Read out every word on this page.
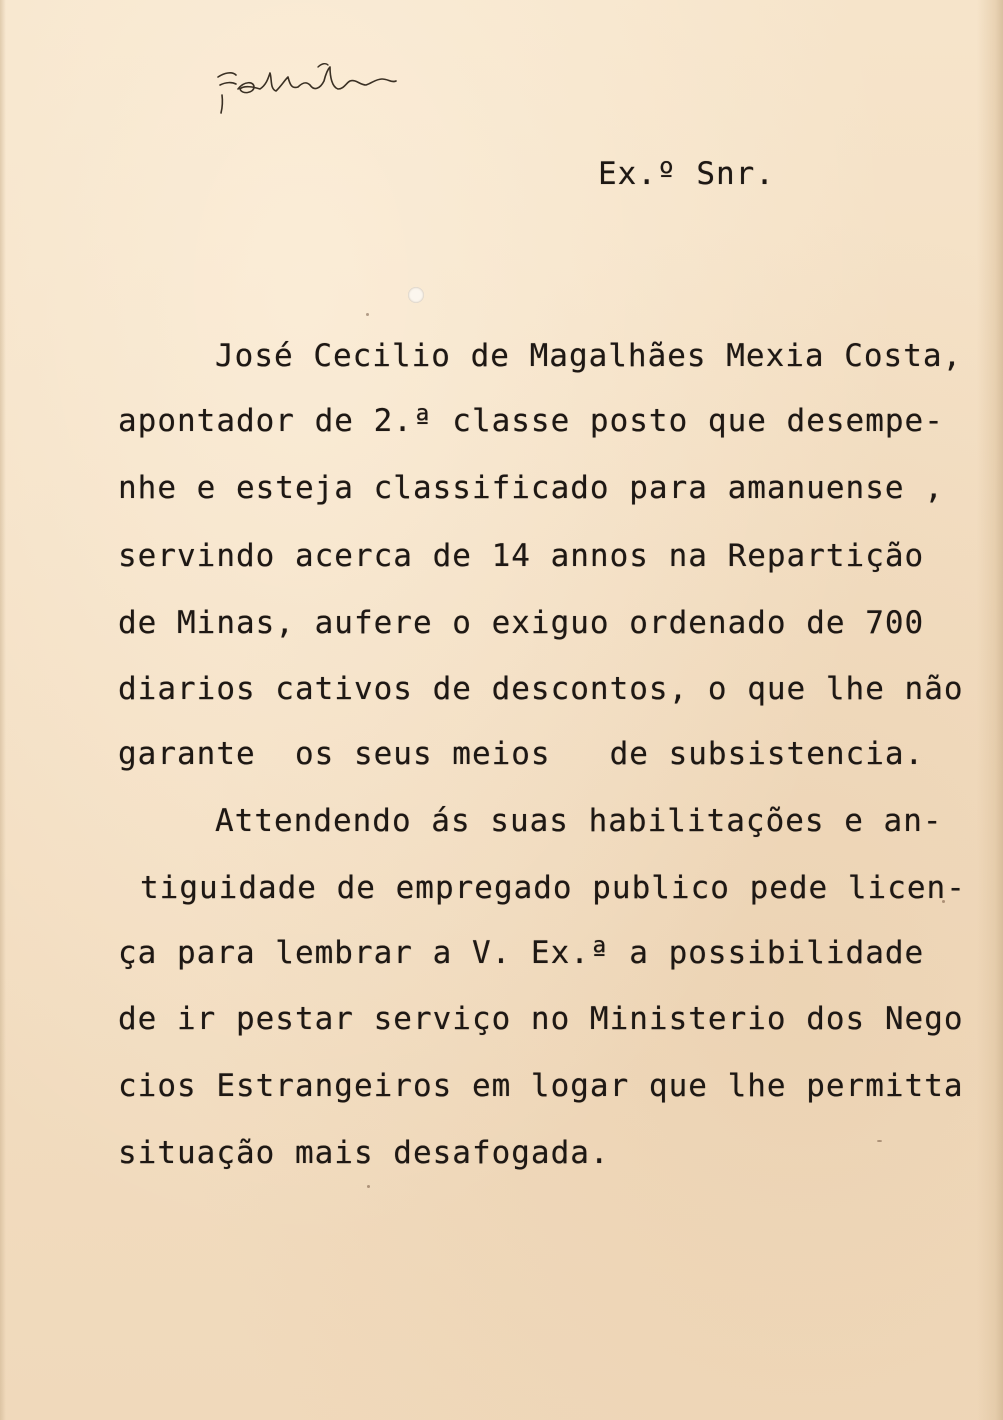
Ex.º Snr.
José Cecilio de Magalhães Mexia Costa,
apontador de 2.ª classe posto que desempe-
nhe e esteja classificado para amanuense ,
servindo acerca de 14 annos na Repartição
de Minas, aufere o exiguo ordenado de 700
diarios cativos de descontos, o que lhe não
garante  os seus meios   de subsistencia.
Attendendo ás suas habilitações e an-
tiguidade de empregado publico pede licen-
ça para lembrar a V. Ex.ª a possibilidade
de ir pestar serviço no Ministerio dos Nego
cios Estrangeiros em logar que lhe permitta
situação mais desafogada.
